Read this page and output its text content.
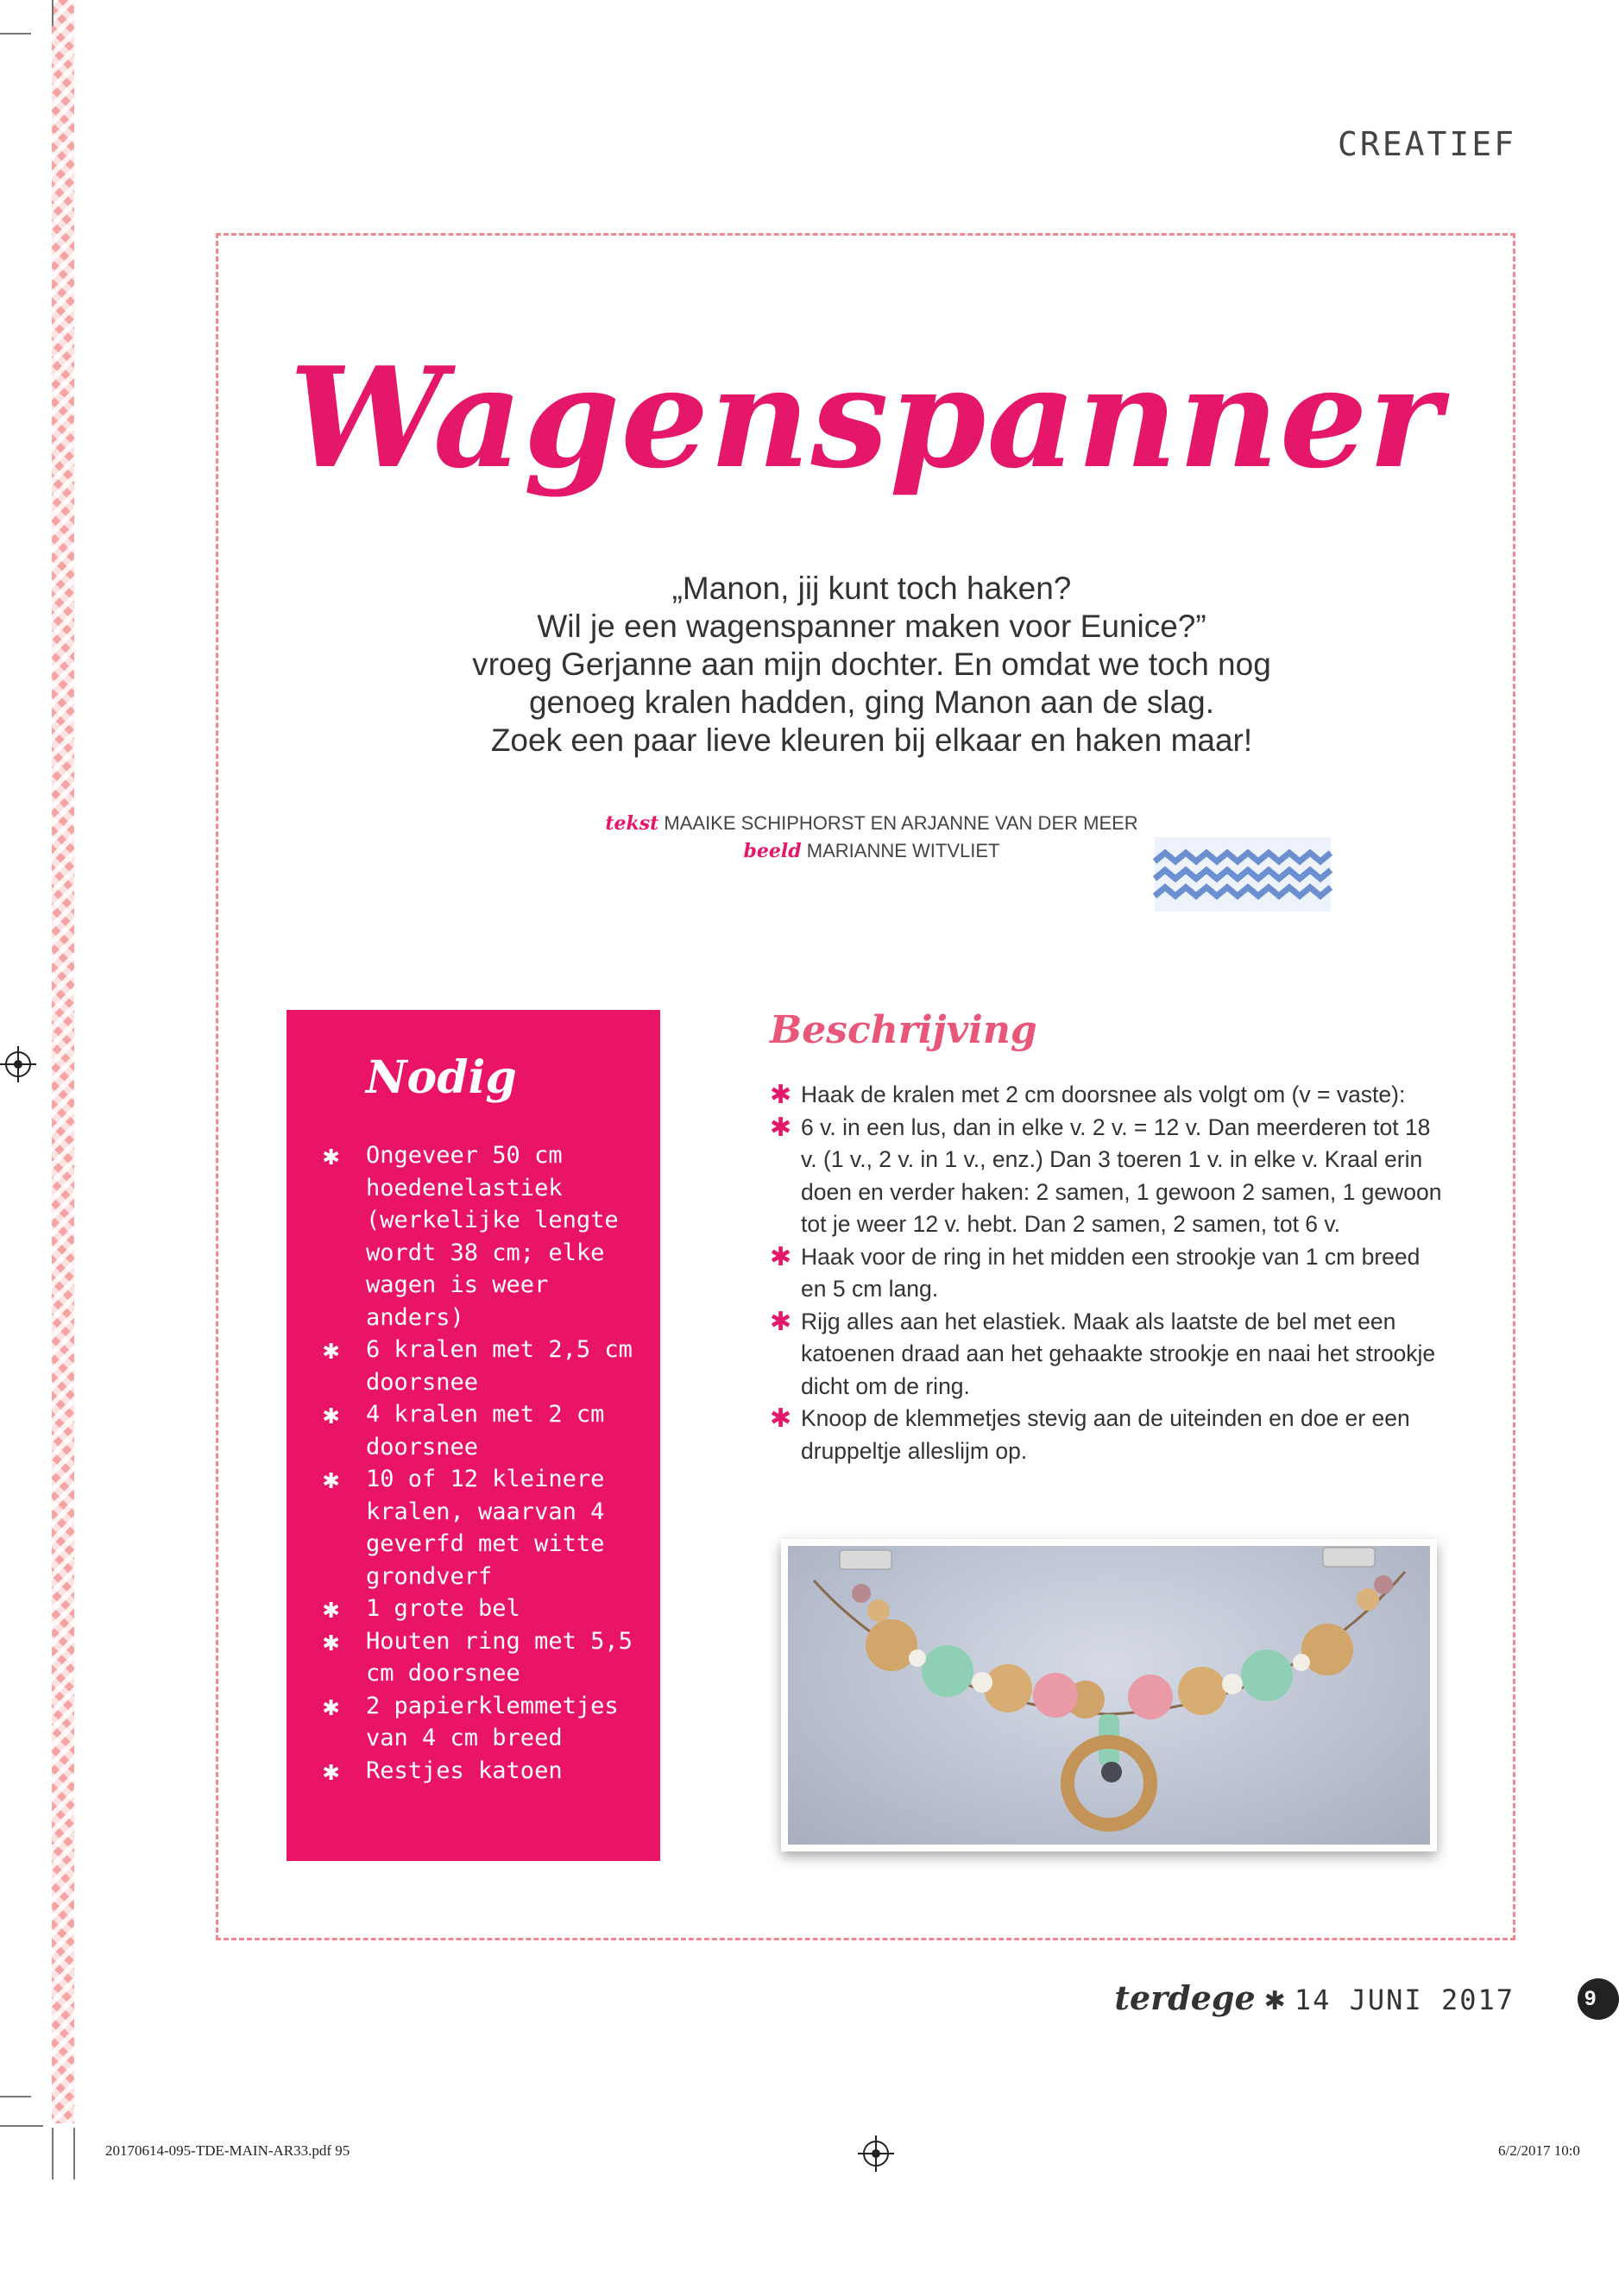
CREATIEF
Wagenspanner
„Manon, jij kunt toch haken?
Wil je een wagenspanner maken voor Eunice?”
vroeg Gerjanne aan mijn dochter. En omdat we toch nog
genoeg kralen hadden, ging Manon aan de slag.
Zoek een paar lieve kleuren bij elkaar en haken maar!
tekst MAAIKE SCHIPHORST EN ARJANNE VAN DER MEER
beeld MARIANNE WITVLIET
Nodig
✱ Ongeveer 50 cm hoedenelastiek (werkelijke lengte wordt 38 cm; elke wagen is weer anders)
✱ 6 kralen met 2,5 cm doorsnee
✱ 4 kralen met 2 cm doorsnee
✱ 10 of 12 kleinere kralen, waarvan 4 geverfd met witte grondverf
✱ 1 grote bel
✱ Houten ring met 5,5 cm doorsnee
✱ 2 papierklemmetjes van 4 cm breed
✱ Restjes katoen
Beschrijving
✱ Haak de kralen met 2 cm doorsnee als volgt om (v = vaste):
✱ 6 v. in een lus, dan in elke v. 2 v. = 12 v. Dan meerderen tot 18 v. (1 v., 2 v. in 1 v., enz.) Dan 3 toeren 1 v. in elke v. Kraal erin doen en verder haken: 2 samen, 1 gewoon 2 samen, 1 gewoon tot je weer 12 v. hebt. Dan 2 samen, 2 samen, tot 6 v.
✱ Haak voor de ring in het midden een strookje van 1 cm breed en 5 cm lang.
✱ Rijg alles aan het elastiek. Maak als laatste de bel met een katoenen draad aan het gehaakte strookje en naai het strookje dicht om de ring.
✱ Knoop de klemmetjes stevig aan de uiteinden en doe er een druppeltje alleslijm op.
terdege ✱ 14 JUNI 2017	9
20170614-095-TDE-MAIN-AR33.pdf 95	6/2/2017 10:0
